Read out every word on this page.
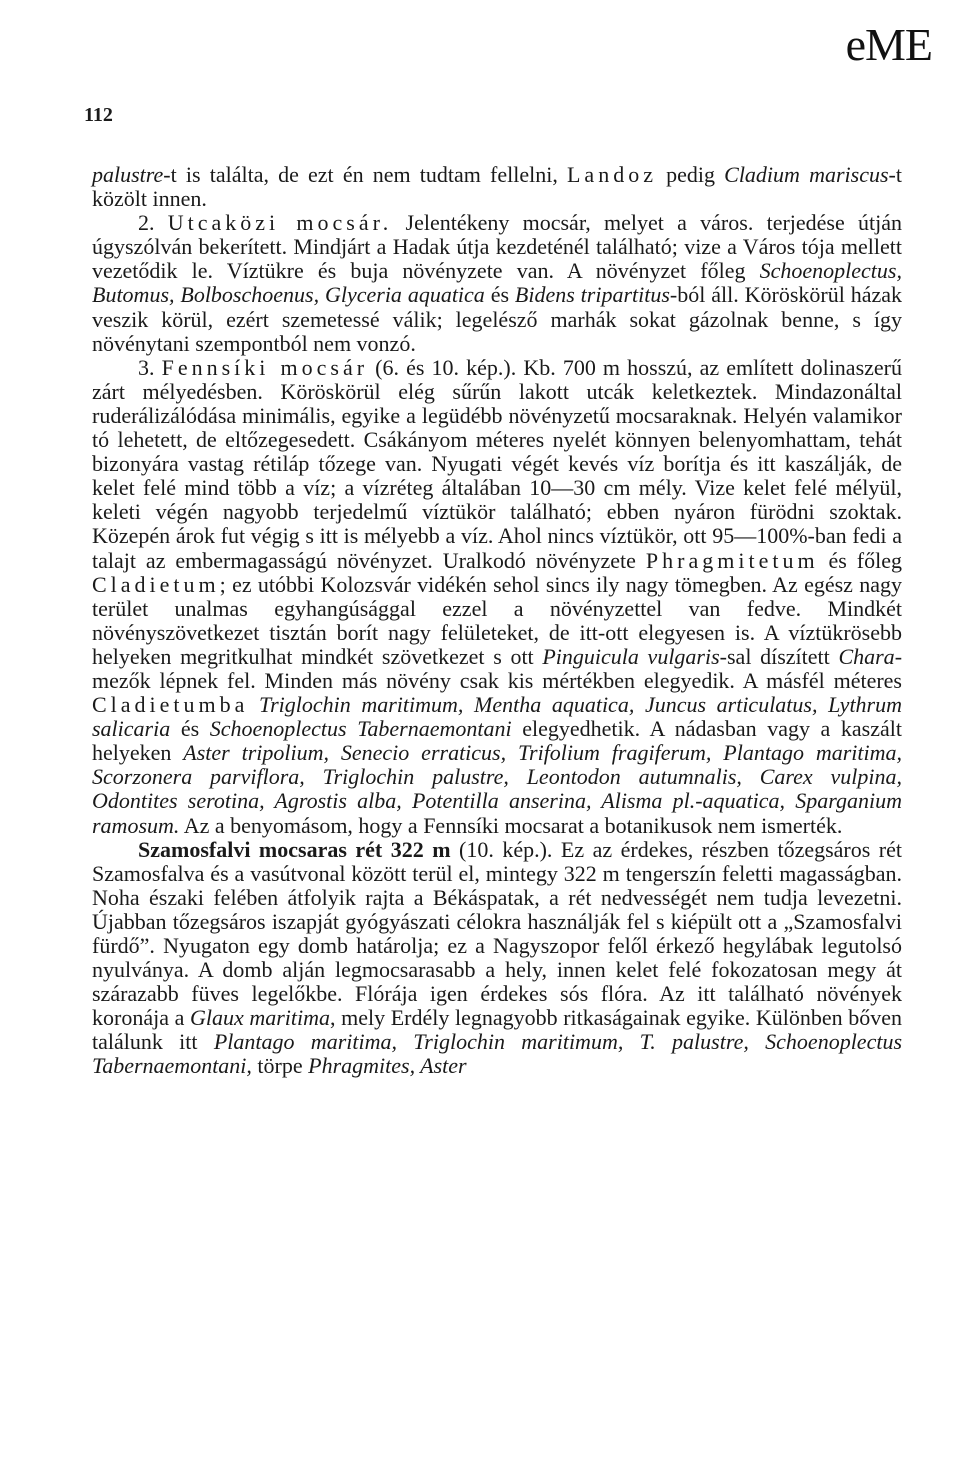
eME
112

palustre-t is találta, de ezt én nem tudtam fellelni, Landoz pedig Cladium mariscus-t közölt innen.

2. Utcaközi mocsár. Jelentékeny mocsár, melyet a város. terjedése útján úgyszólván bekerített. Mindjárt a Hadak útja kezdeténél található; vize a Város tója mellett vezetődik le. Víztükre és buja növényzete van. A növényzet főleg Schoenoplectus, Butomus, Bolboschoenus, Glyceria aquatica és Bidens tripartitus-ból áll. Köröskörül házak veszik körül, ezért szemetessé válik; legelésző marhák sokat gázolnak benne, s így növénytani szempontból nem vonzó.

3. Fennsíki mocsár (6. és 10. kép.). Kb. 700 m hosszú, az említett dolinaszerű zárt mélyedésben. Köröskörül elég sűrűn lakott utcák keletkeztek. Mindazonáltal ruderálizálódása minimális, egyike a legüdébb növényzetű mocsaraknak. Helyén valamikor tó lehetett, de eltőzegesedett. Csákányom méteres nyelét könnyen belenyomhattam, tehát bizonyára vastag rétiláp tőzege van. Nyugati végét kevés víz borítja és itt kaszálják, de kelet felé mind több a víz; a vízréteg általában 10—30 cm mély. Vize kelet felé mélyül, keleti végén nagyobb terjedelmű víztükör található; ebben nyáron fürödni szoktak. Közepén árok fut végig s itt is mélyebb a víz. Ahol nincs víztükör, ott 95—100%-ban fedi a talajt az embermagasságú növényzet. Uralkodó növényzete Phragmitetum és főleg Cladietum; ez utóbbi Kolozsvár vidékén sehol sincs ily nagy tömegben. Az egész nagy terület unalmas egyhangúsággal ezzel a növényzettel van fedve. Mindkét növényszövetkezet tisztán borít nagy felületeket, de itt-ott elegyesen is. A víztükrösebb helyeken megritkulhat mindkét szövetkezet s ott Pinguicula vulgaris-sal díszített Chara-mezők lépnek fel. Minden más növény csak kis mértékben elegyedik. A másfél méteres Cladietumba Triglochin maritimum, Mentha aquatica, Juncus articulatus, Lythrum salicaria és Schoenoplectus Tabernaemontani elegyedhetik. A nádasban vagy a kaszált helyeken Aster tripolium, Senecio erraticus, Trifolium fragiferum, Plantago maritima, Scorzonera parviflora, Triglochin palustre, Leontodon autumnalis, Carex vulpina, Odontites serotina, Agrostis alba, Potentilla anserina, Alisma pl.-aquatica, Sparganium ramosum. Az a benyomásom, hogy a Fennsíki mocsarat a botanikusok nem ismerték.

Szamosfalvi mocsaras rét 322 m (10. kép.). Ez az érdekes, részben tőzegsáros rét Szamosfalva és a vasútvonal között terül el, mintegy 322 m tengerszín feletti magasságban. Noha északi felében átfolyik rajta a Békáspatak, a rét nedvességét nem tudja levezetni. Újabban tőzegsáros iszapját gyógyászati célokra használják fel s kiépült ott a „Szamosfalvi fürdő”. Nyugaton egy domb határolja; ez a Nagyszopor felől érkező hegylábak legutolsó nyulványa. A domb alján legmocsarasabb a hely, innen kelet felé fokozatosan megy át szárazabb füves legelőkbe. Flórája igen érdekes sós flóra. Az itt található növények koronája a Glaux maritima, mely Erdély legnagyobb ritkaságainak egyike. Különben bőven találunk itt Plantago maritima, Triglochin maritimum, T. palustre, Schoenoplectus Tabernaemontani, törpe Phragmites, Aster
